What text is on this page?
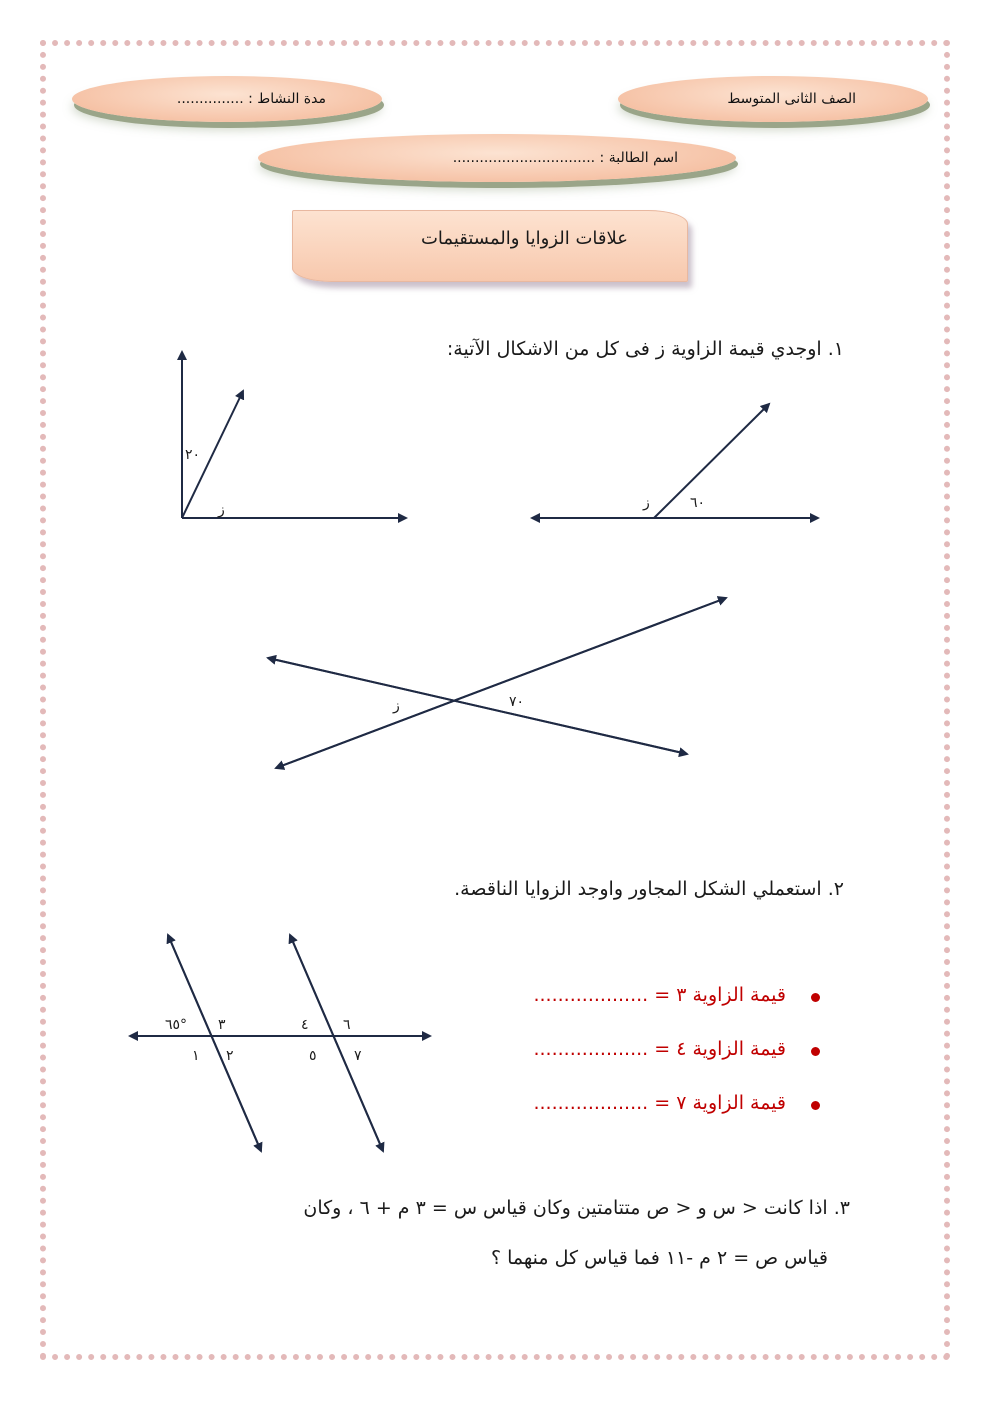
الصف الثانى المتوسط
مدة النشاط : ...............
اسم الطالبة : ................................
علاقات الزوايا والمستقيمات
١. اوجدي قيمة الزاوية ز فى كل من الاشكال الآتية:
٢. استعملي الشكل المجاور واوجد الزوايا الناقصة.
٣. اذا كانت < س و < ص متتامتين وكان قياس س = ٣ م + ٦ ، وكان
قياس ص = ٢ م -١١ فما قياس كل منهما ؟
قيمة الزاوية ٣ = ...................
قيمة الزاوية ٤ = ...................
قيمة الزاوية ٧ = ...................
٢٠
ز	٦٠
ز
٧٠
ز
٦٥° ٣	٤ ٦
١ ٢	٥	٧
